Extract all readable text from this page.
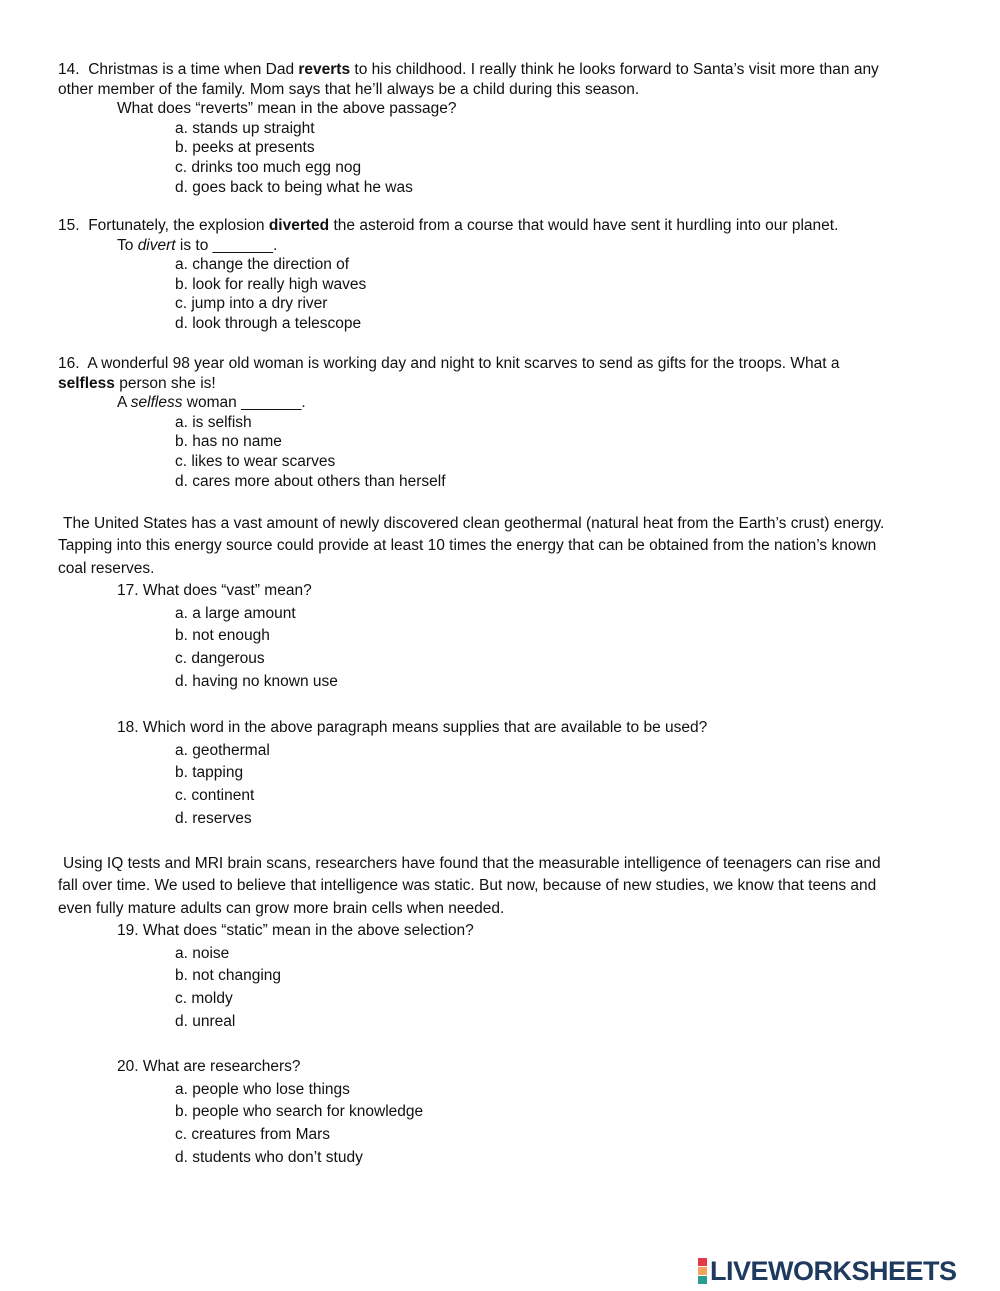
14. Christmas is a time when Dad reverts to his childhood. I really think he looks forward to Santa’s visit more than any
other member of the family. Mom says that he’ll always be a child during this season.
What does “reverts” mean in the above passage?
a. stands up straight
b. peeks at presents
c. drinks too much egg nog
d. goes back to being what he was
15. Fortunately, the explosion diverted the asteroid from a course that would have sent it hurdling into our planet.
To divert is to _______.
a. change the direction of
b. look for really high waves
c. jump into a dry river
d. look through a telescope
16. A wonderful 98 year old woman is working day and night to knit scarves to send as gifts for the troops. What a
selfless person she is!
A selfless woman _______.
a. is selfish
b. has no name
c. likes to wear scarves
d. cares more about others than herself
The United States has a vast amount of newly discovered clean geothermal (natural heat from the Earth’s crust) energy.
Tapping into this energy source could provide at least 10 times the energy that can be obtained from the nation’s known
coal reserves.
17. What does “vast” mean?
a. a large amount
b. not enough
c. dangerous
d. having no known use
18. Which word in the above paragraph means supplies that are available to be used?
a. geothermal
b. tapping
c. continent
d. reserves
Using IQ tests and MRI brain scans, researchers have found that the measurable intelligence of teenagers can rise and
fall over time. We used to believe that intelligence was static. But now, because of new studies, we know that teens and
even fully mature adults can grow more brain cells when needed.
19. What does “static” mean in the above selection?
a. noise
b. not changing
c. moldy
d. unreal
20. What are researchers?
a. people who lose things
b. people who search for knowledge
c. creatures from Mars
d. students who don’t study
LIVEWORKSHEETS
